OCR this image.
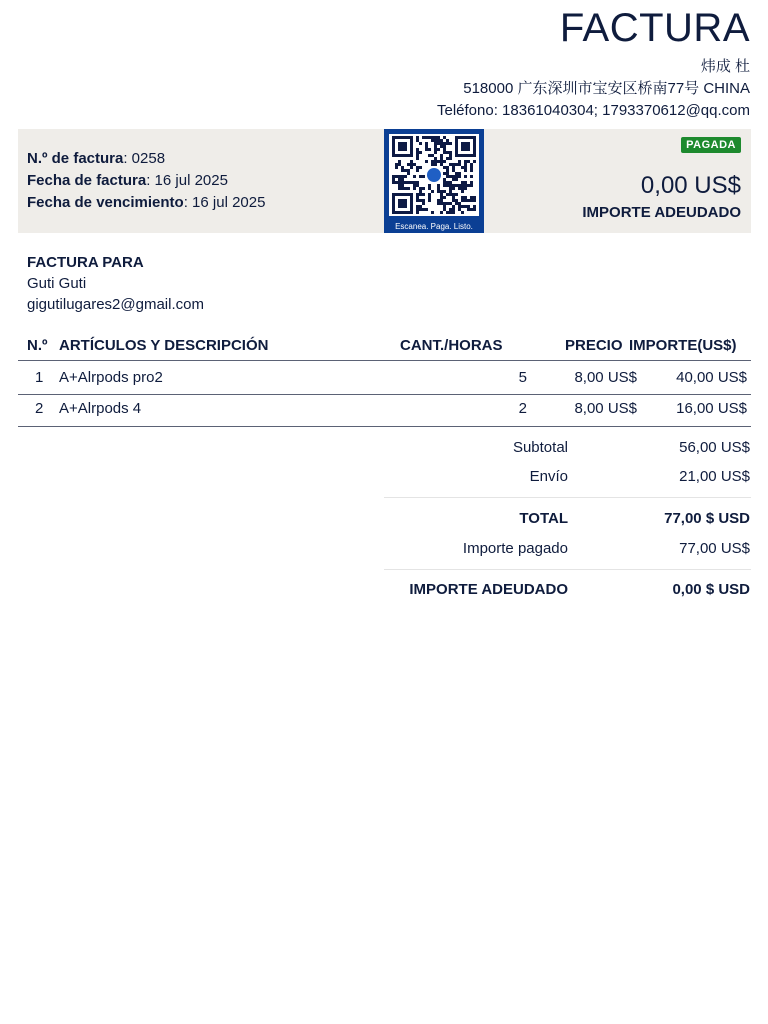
FACTURA
炜成 杜
518000 广东深圳市宝安区桥南77号 CHINA
Teléfono: 18361040304; 1793370612@qq.com
N.º de factura: 0258
Fecha de factura: 16 jul 2025
Fecha de vencimiento: 16 jul 2025
Escanea. Paga. Listo.
PAGADA
0,00 US$
IMPORTE ADEUDADO
FACTURA PARA
Guti Guti
gigutilugares2@gmail.com
N.º ARTÍCULOS Y DESCRIPCIÓN	CANT./HORAS	PRECIO IMPORTE(US$)
1 A+Alrpods pro2	5	8,00 US$	40,00 US$
2 A+Alrpods 4	2	8,00 US$	16,00 US$
Subtotal	56,00 US$
Envío	21,00 US$
TOTAL	77,00 $ USD
Importe pagado	77,00 US$
IMPORTE ADEUDADO	0,00 $ USD
